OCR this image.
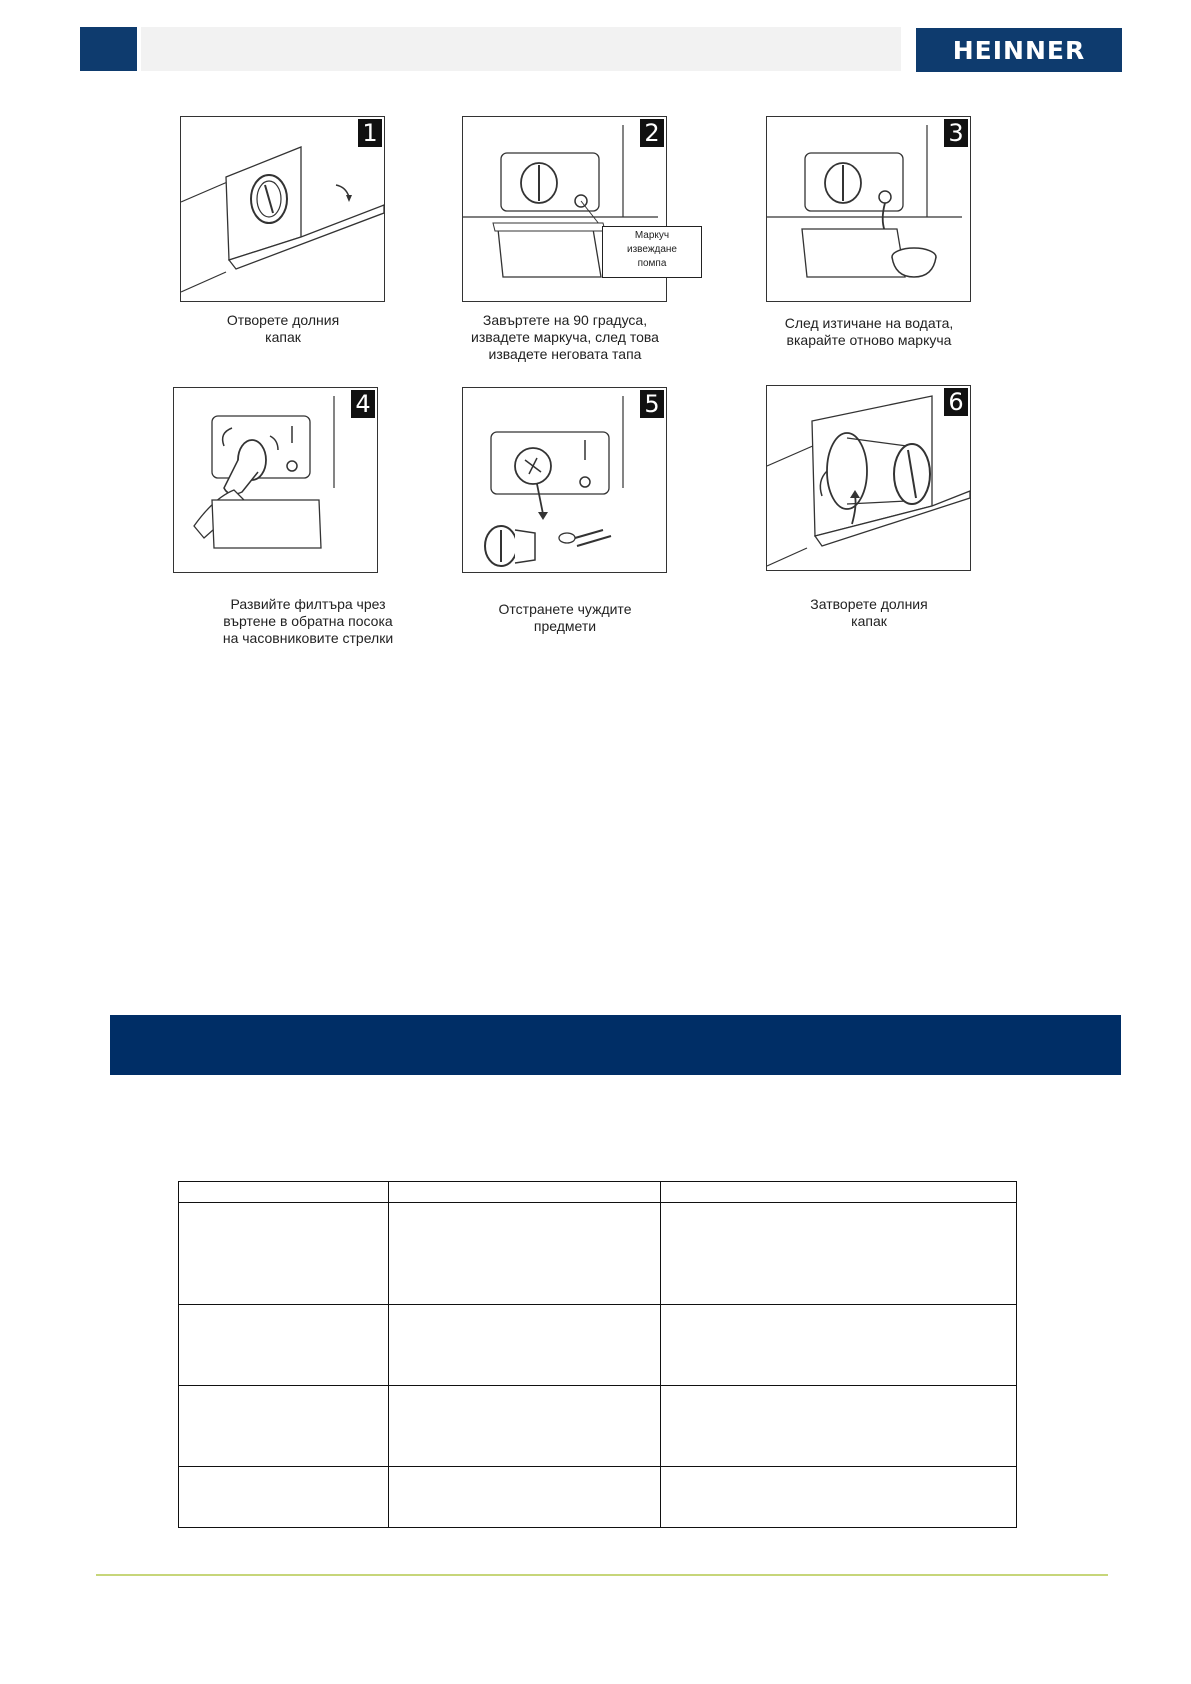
HEINNER
1
Отворете долния
капак
2
Маркуч
извеждане
помпа
Завъртете на 90 градуса,
извадете маркуча, след това
извадете неговата тапа
3
След изтичане на водата,
вкарайте отново маркуча
4
Развийте филтъра чрез
въртене в обратна посока
на часовниковите стрелки
5
Отстранете чуждите
предмети
6
Затворете долния
капак
